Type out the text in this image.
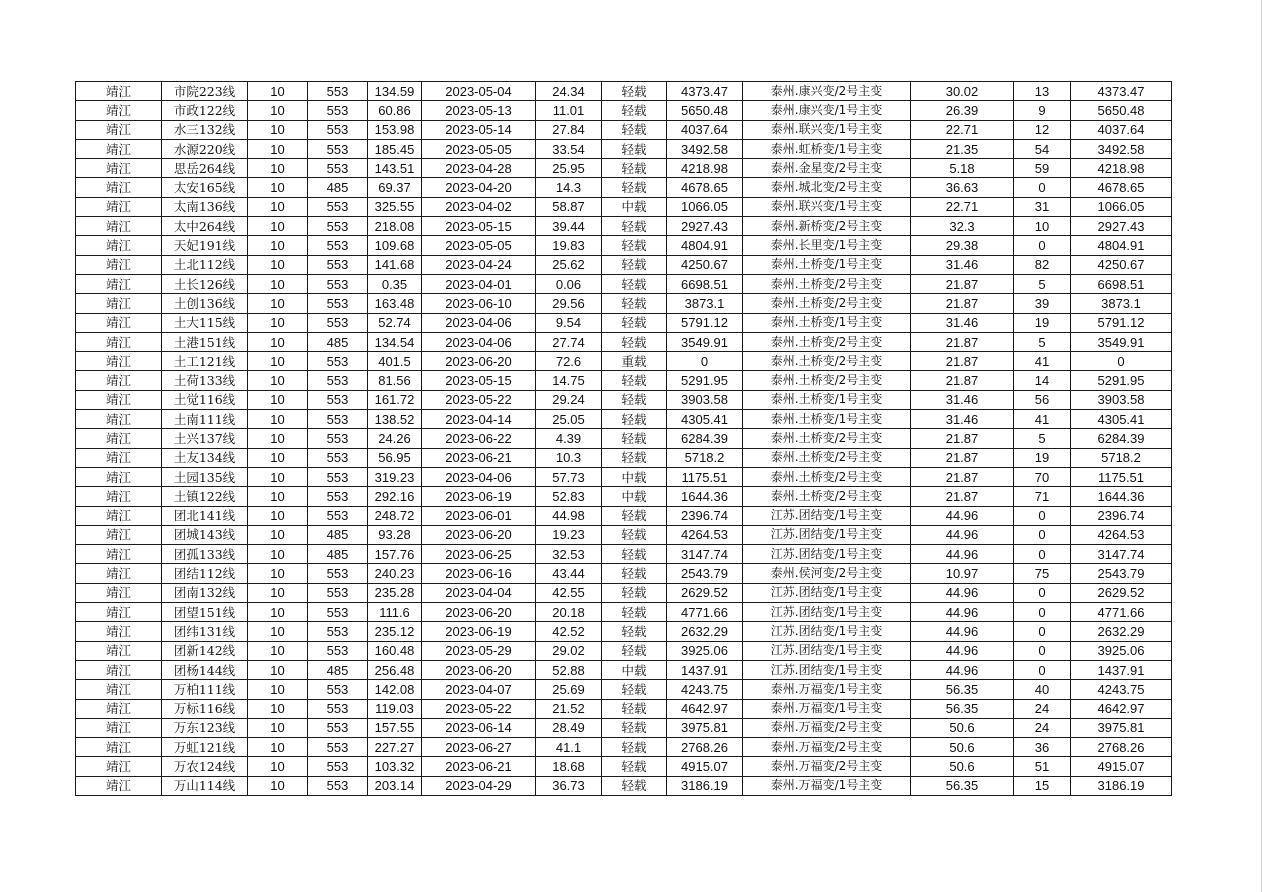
靖江	市院223线	10	553	134.59	2023-05-04	24.34	轻载	4373.47	泰州.康兴变/2号主变	30.02	13	4373.47
靖江	市政122线	10	553	60.86	2023-05-13	11.01	轻载	5650.48	泰州.康兴变/1号主变	26.39	9	5650.48
靖江	水三132线	10	553	153.98	2023-05-14	27.84	轻载	4037.64	泰州.联兴变/1号主变	22.71	12	4037.64
靖江	水源220线	10	553	185.45	2023-05-05	33.54	轻载	3492.58	泰州.虹桥变/1号主变	21.35	54	3492.58
靖江	思岳264线	10	553	143.51	2023-04-28	25.95	轻载	4218.98	泰州.金星变/2号主变	5.18	59	4218.98
靖江	太安165线	10	485	69.37	2023-04-20	14.3	轻载	4678.65	泰州.城北变/2号主变	36.63	0	4678.65
靖江	太南136线	10	553	325.55	2023-04-02	58.87	中载	1066.05	泰州.联兴变/1号主变	22.71	31	1066.05
靖江	太中264线	10	553	218.08	2023-05-15	39.44	轻载	2927.43	泰州.新桥变/2号主变	32.3	10	2927.43
靖江	天妃191线	10	553	109.68	2023-05-05	19.83	轻载	4804.91	泰州.长里变/1号主变	29.38	0	4804.91
靖江	土北112线	10	553	141.68	2023-04-24	25.62	轻载	4250.67	泰州.土桥变/1号主变	31.46	82	4250.67
靖江	土长126线	10	553	0.35	2023-04-01	0.06	轻载	6698.51	泰州.土桥变/2号主变	21.87	5	6698.51
靖江	土创136线	10	553	163.48	2023-06-10	29.56	轻载	3873.1	泰州.土桥变/2号主变	21.87	39	3873.1
靖江	土大115线	10	553	52.74	2023-04-06	9.54	轻载	5791.12	泰州.土桥变/1号主变	31.46	19	5791.12
靖江	土港151线	10	485	134.54	2023-04-06	27.74	轻载	3549.91	泰州.土桥变/2号主变	21.87	5	3549.91
靖江	土工121线	10	553	401.5	2023-06-20	72.6	重载	0	泰州.土桥变/2号主变	21.87	41	0
靖江	土荷133线	10	553	81.56	2023-05-15	14.75	轻载	5291.95	泰州.土桥变/2号主变	21.87	14	5291.95
靖江	土觉116线	10	553	161.72	2023-05-22	29.24	轻载	3903.58	泰州.土桥变/1号主变	31.46	56	3903.58
靖江	土南111线	10	553	138.52	2023-04-14	25.05	轻载	4305.41	泰州.土桥变/1号主变	31.46	41	4305.41
靖江	土兴137线	10	553	24.26	2023-06-22	4.39	轻载	6284.39	泰州.土桥变/2号主变	21.87	5	6284.39
靖江	土友134线	10	553	56.95	2023-06-21	10.3	轻载	5718.2	泰州.土桥变/2号主变	21.87	19	5718.2
靖江	土园135线	10	553	319.23	2023-04-06	57.73	中载	1175.51	泰州.土桥变/2号主变	21.87	70	1175.51
靖江	土镇122线	10	553	292.16	2023-06-19	52.83	中载	1644.36	泰州.土桥变/2号主变	21.87	71	1644.36
靖江	团北141线	10	553	248.72	2023-06-01	44.98	轻载	2396.74	江苏.团结变/1号主变	44.96	0	2396.74
靖江	团城143线	10	485	93.28	2023-06-20	19.23	轻载	4264.53	江苏.团结变/1号主变	44.96	0	4264.53
靖江	团孤133线	10	485	157.76	2023-06-25	32.53	轻载	3147.74	江苏.团结变/1号主变	44.96	0	3147.74
靖江	团结112线	10	553	240.23	2023-06-16	43.44	轻载	2543.79	泰州.侯河变/2号主变	10.97	75	2543.79
靖江	团南132线	10	553	235.28	2023-04-04	42.55	轻载	2629.52	江苏.团结变/1号主变	44.96	0	2629.52
靖江	团望151线	10	553	111.6	2023-06-20	20.18	轻载	4771.66	江苏.团结变/1号主变	44.96	0	4771.66
靖江	团纬131线	10	553	235.12	2023-06-19	42.52	轻载	2632.29	江苏.团结变/1号主变	44.96	0	2632.29
靖江	团新142线	10	553	160.48	2023-05-29	29.02	轻载	3925.06	江苏.团结变/1号主变	44.96	0	3925.06
靖江	团杨144线	10	485	256.48	2023-06-20	52.88	中载	1437.91	江苏.团结变/1号主变	44.96	0	1437.91
靖江	万柏111线	10	553	142.08	2023-04-07	25.69	轻载	4243.75	泰州.万福变/1号主变	56.35	40	4243.75
靖江	万标116线	10	553	119.03	2023-05-22	21.52	轻载	4642.97	泰州.万福变/1号主变	56.35	24	4642.97
靖江	万东123线	10	553	157.55	2023-06-14	28.49	轻载	3975.81	泰州.万福变/2号主变	50.6	24	3975.81
靖江	万虹121线	10	553	227.27	2023-06-27	41.1	轻载	2768.26	泰州.万福变/2号主变	50.6	36	2768.26
靖江	万农124线	10	553	103.32	2023-06-21	18.68	轻载	4915.07	泰州.万福变/2号主变	50.6	51	4915.07
靖江	万山114线	10	553	203.14	2023-04-29	36.73	轻载	3186.19	泰州.万福变/1号主变	56.35	15	3186.19
